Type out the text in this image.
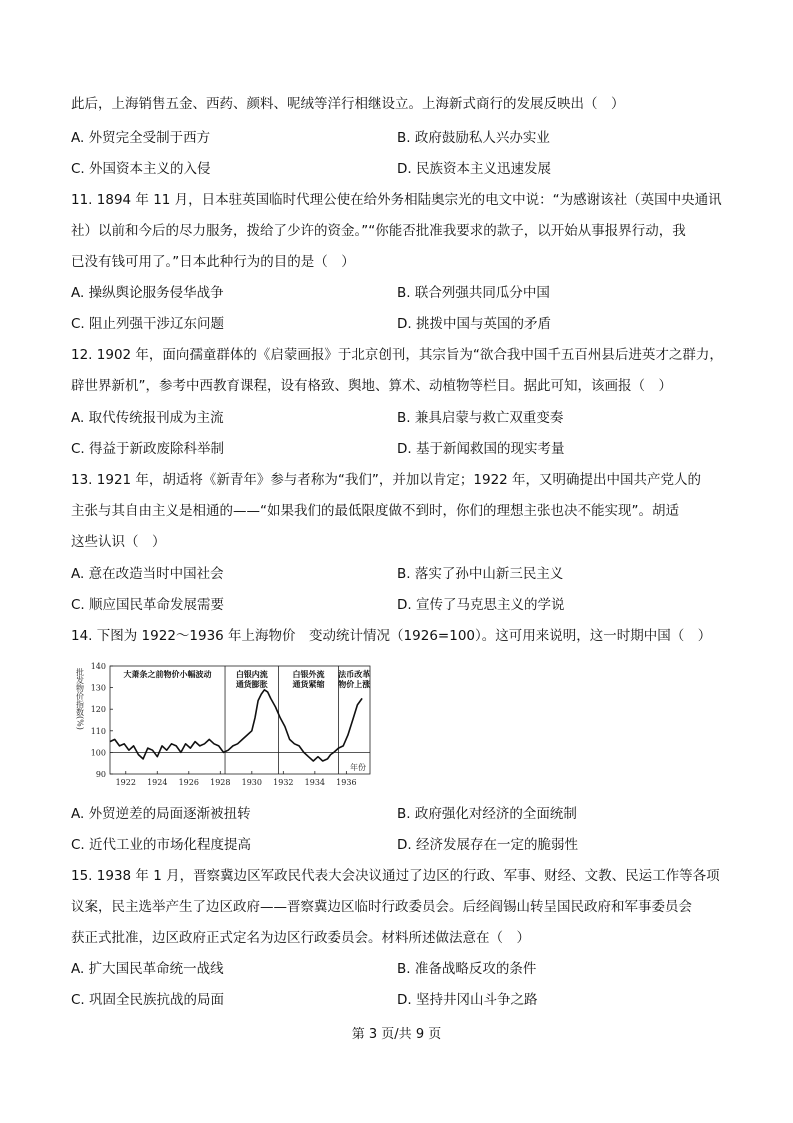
此后，上海销售五金、西药、颜料、呢绒等洋行相继设立。上海新式商行的发展反映出（　）
A. 外贸完全受制于西方	B. 政府鼓励私人兴办实业
C. 外国资本主义的入侵	D. 民族资本主义迅速发展
11. 1894 年 11 月，日本驻英国临时代理公使在给外务相陆奥宗光的电文中说：“为感谢该社（英国中央通讯
社）以前和今后的尽力服务，拨给了少许的资金。”“你能否批准我要求的款子，以开始从事报界行动，我
已没有钱可用了。”日本此种行为的目的是（　）
A. 操纵舆论服务侵华战争	B. 联合列强共同瓜分中国
C. 阻止列强干涉辽东问题	D. 挑拨中国与英国的矛盾
12. 1902 年，面向孺童群体的《启蒙画报》于北京创刊，其宗旨为“欲合我中国千五百州县后进英才之群力，
辟世界新机”，参考中西教育课程，设有格致、舆地、算术、动植物等栏目。据此可知，该画报（　）
A. 取代传统报刊成为主流	B. 兼具启蒙与救亡双重变奏
C. 得益于新政废除科举制	D. 基于新闻救国的现实考量
13. 1921 年，胡适将《新青年》参与者称为“我们”，并加以肯定；1922 年，又明确提出中国共产党人的
主张与其自由主义是相通的——“如果我们的最低限度做不到时，你们的理想主张也决不能实现”。胡适
这些认识（　）
A. 意在改造当时中国社会	B. 落实了孙中山新三民主义
C. 顺应国民革命发展需要	D. 宣传了马克思主义的学说
14. 下图为 1922～1936 年上海物价　变动统计情况（1926=100）。这可用来说明，这一时期中国（　）
90
100
110
120
130
140
1922 1924 1926 1928 1930 1932 1934 1936
批发物价指数(%)
年份
大萧条之前物价小幅波动	白银内流
通货膨胀
白银外流
通货紧缩
法币改革
物价上涨
A. 外贸逆差的局面逐渐被扭转	B. 政府强化对经济的全面统制
C. 近代工业的市场化程度提高	D. 经济发展存在一定的脆弱性
15. 1938 年 1 月，晋察冀边区军政民代表大会决议通过了边区的行政、军事、财经、文教、民运工作等各项
议案，民主选举产生了边区政府——晋察冀边区临时行政委员会。后经阎锡山转呈国民政府和军事委员会
获正式批准，边区政府正式定名为边区行政委员会。材料所述做法意在（　）
A. 扩大国民革命统一战线	B. 准备战略反攻的条件
C. 巩固全民族抗战的局面	D. 坚持井冈山斗争之路
第 3 页/共 9 页
